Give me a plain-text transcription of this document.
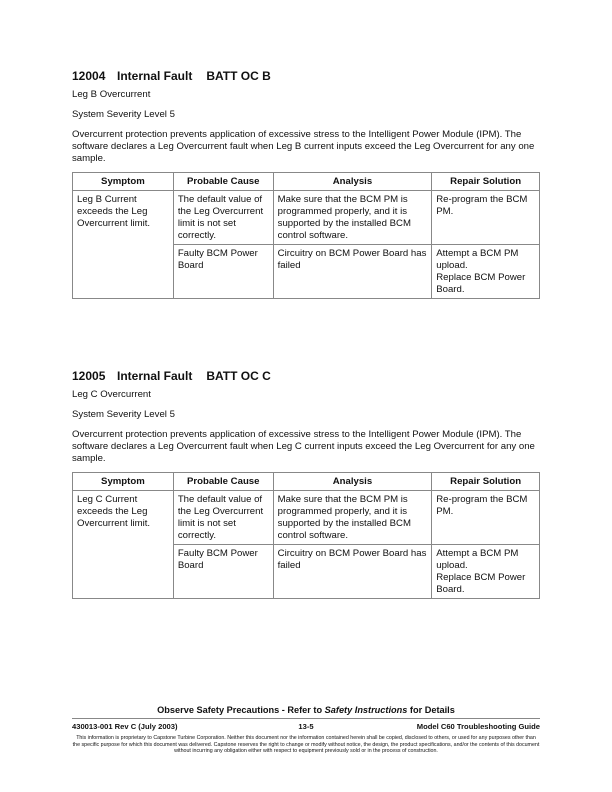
12004 Internal Fault BATT OC B

Leg B Overcurrent

System Severity Level 5

Overcurrent protection prevents application of excessive stress to the Intelligent Power Module (IPM). The software declares a Leg Overcurrent fault when Leg B current inputs exceed the Leg Overcurrent for any one sample.

Symptom	Probable Cause	Analysis	Repair Solution
Leg B Current exceeds the Leg Overcurrent limit.	The default value of the Leg Overcurrent limit is not set correctly.	Make sure that the BCM PM is programmed properly, and it is supported by the installed BCM control software.	Re-program the BCM PM.

	Faulty BCM Power Board	Circuitry on BCM Power Board has failed	Attempt a BCM PM upload.
Replace BCM Power Board.
12005 Internal Fault BATT OC C

Leg C Overcurrent

System Severity Level 5

Overcurrent protection prevents application of excessive stress to the Intelligent Power Module (IPM). The software declares a Leg Overcurrent fault when Leg C current inputs exceed the Leg Overcurrent for any one sample.

Symptom	Probable Cause	Analysis	Repair Solution
Leg C Current exceeds the Leg Overcurrent limit.	The default value of the Leg Overcurrent limit is not set correctly.	Make sure that the BCM PM is programmed properly, and it is supported by the installed BCM control software.	Re-program the BCM PM.

	Faulty BCM Power Board	Circuitry on BCM Power Board has failed	Attempt a BCM PM upload.
Replace BCM Power Board.
Observe Safety Precautions - Refer to Safety Instructions for Details
430013-001 Rev C (July 2003)	13-5	Model C60 Troubleshooting Guide
This information is proprietary to Capstone Turbine Corporation. Neither this document nor the information contained herein shall be copied, disclosed to others, or used for any purposes other than the specific purpose for which this document was delivered. Capstone reserves the right to change or modify without notice, the design, the product specifications, and/or the contents of this document without incurring any obligation either with respect to equipment previously sold or in the process of construction.
